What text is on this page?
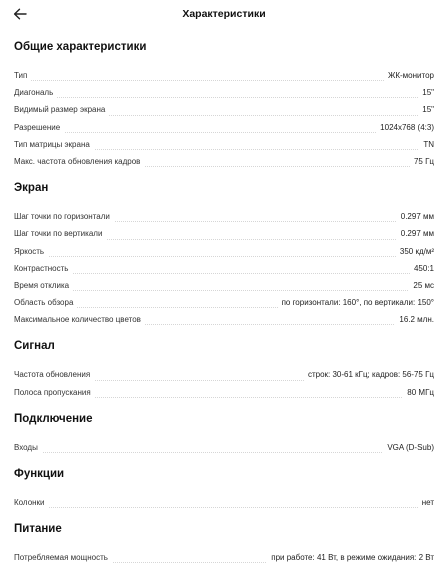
Характеристики
Общие характеристики
Тип	ЖК-монитор
Диагональ	15"
Видимый размер экрана	15"
Разрешение	1024x768 (4:3)
Тип матрицы экрана	TN
Макс. частота обновления кадров	75 Гц
Экран
Шаг точки по горизонтали	0.297 мм
Шаг точки по вертикали	0.297 мм
Яркость	350 кд/м²
Контрастность	450:1
Время отклика	25 мс
Область обзора	по горизонтали: 160°, по вертикали: 150°
Максимальное количество цветов	16.2 млн.
Сигнал
Частота обновления	строк: 30-61 кГц; кадров: 56-75 Гц
Полоса пропускания	80 МГц
Подключение
Входы	VGA (D-Sub)
Функции
Колонки	нет
Питание
Потребляемая мощность	при работе: 41 Вт, в режиме ожидания: 2 Вт
